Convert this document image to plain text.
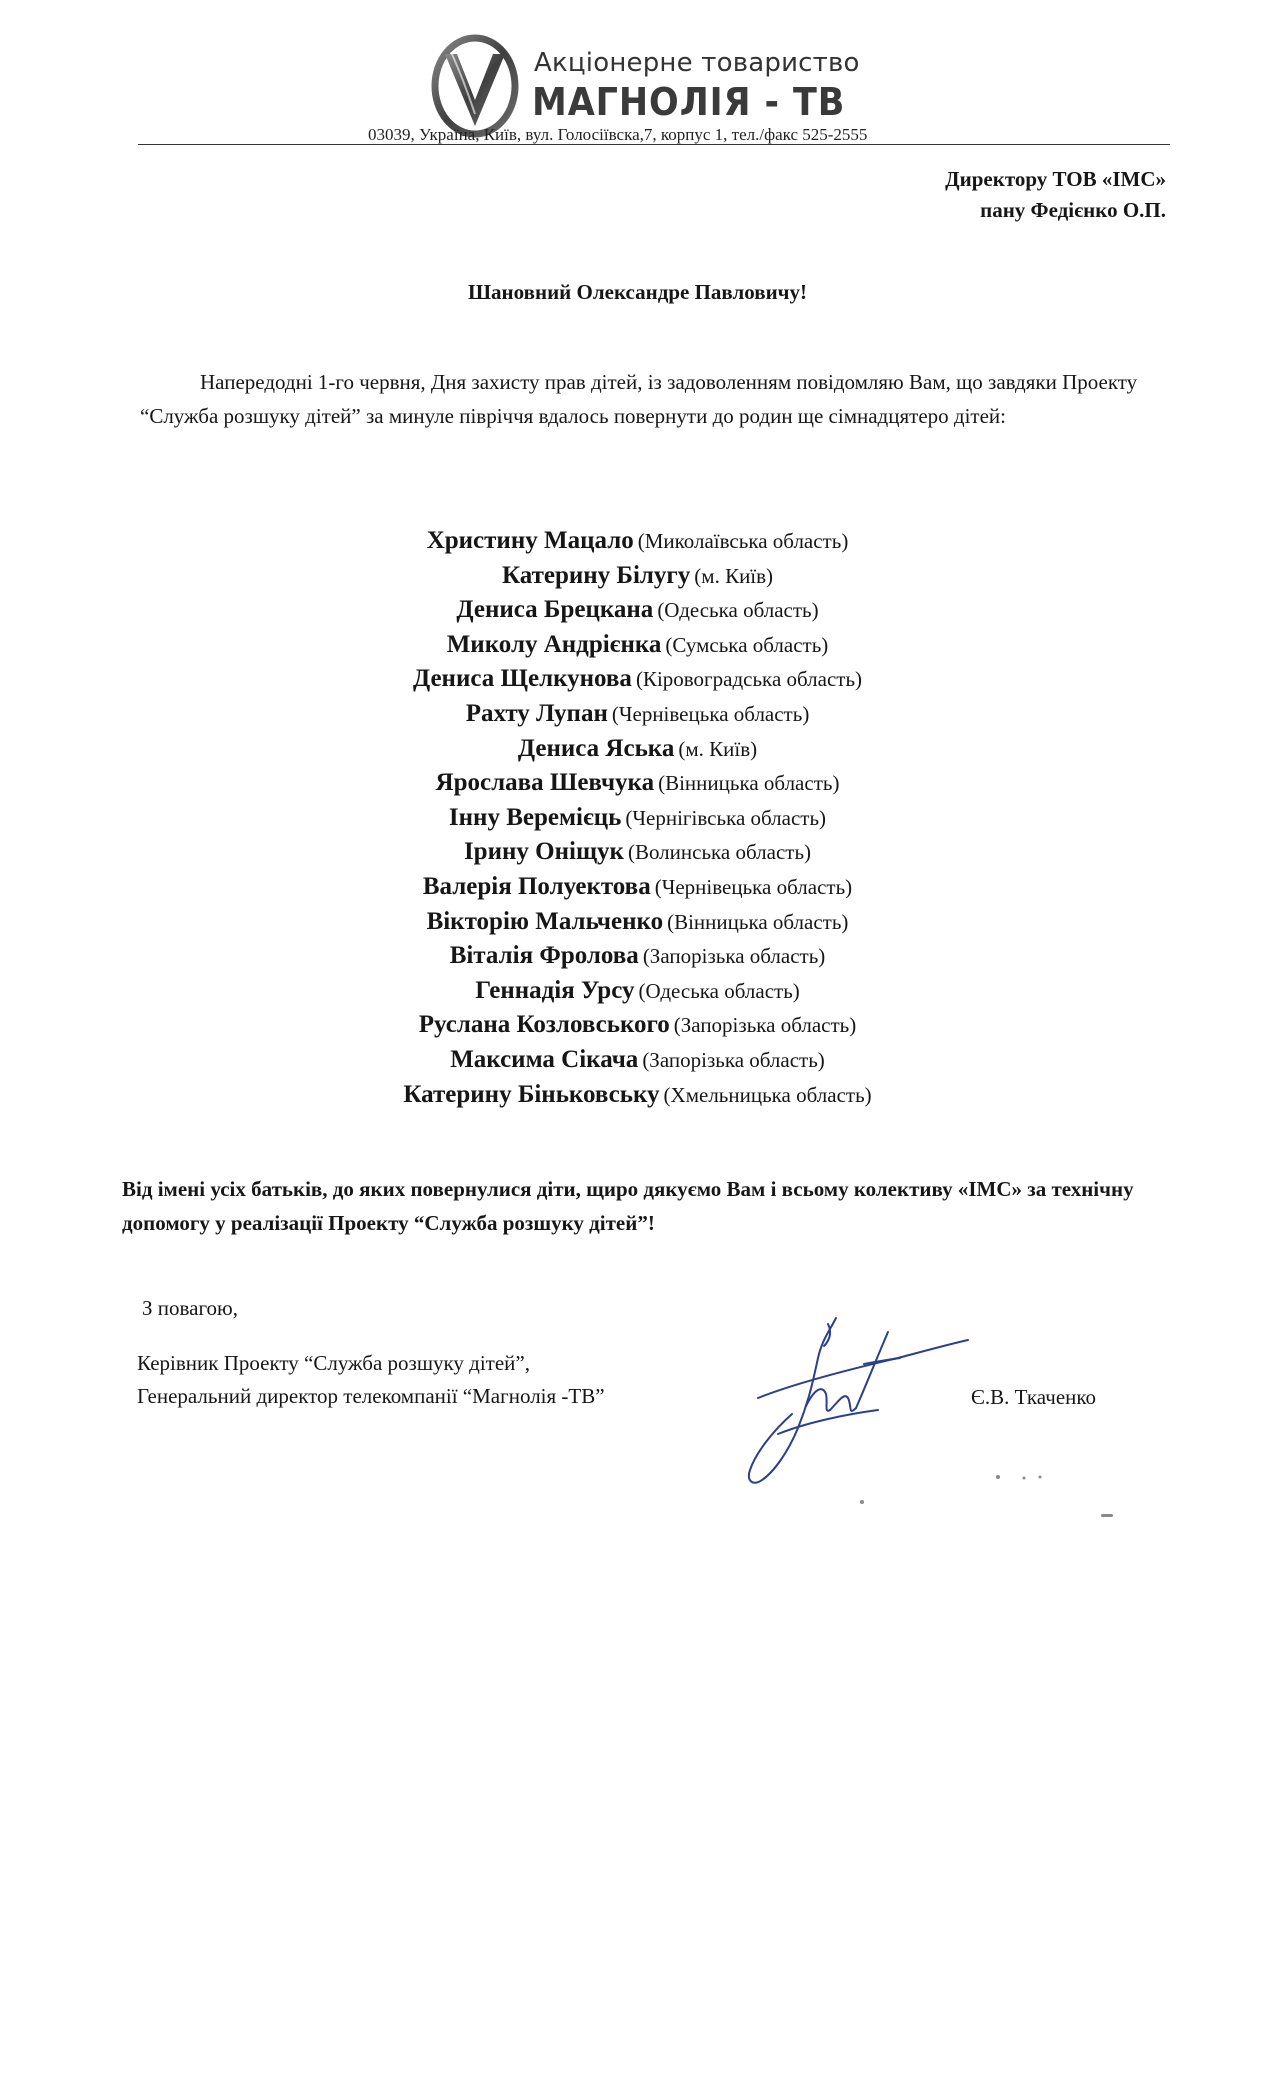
Акціонерне товариство
МАГНОЛІЯ - ТВ
03039, Україна, Київ, вул. Голосіївска,7, корпус 1, тел./факс 525-2555
Директору ТОВ «ІМС»
пану Федієнко О.П.
Шановний Олександре Павловичу!

Напередодні 1-го червня, Дня захисту прав дітей, із задоволенням повідомляю Вам, що завдяки Проекту “Служба розшуку дітей” за минуле півріччя вдалось повернути до родин ще сімнадцятеро дітей:

Христину Мацало (Миколаївська область)
Катерину Білугу (м. Київ)
Дениса Брецкана (Одеська область)
Миколу Андрієнка (Сумська область)
Дениса Щелкунова (Кіровоградська область)
Рахту Лупан (Чернівецька область)
Дениса Яська (м. Київ)
Ярослава Шевчука (Вінницька область)
Інну Веремієць (Чернігівська область)
Ірину Оніщук (Волинська область)
Валерія Полуектова (Чернівецька область)
Вікторію Мальченко (Вінницька область)
Віталія Фролова (Запорізька область)
Геннадія Урсу (Одеська область)
Руслана Козловського (Запорізька область)
Максима Сікача (Запорізька область)
Катерину Біньковську (Хмельницька область)

Від імені усіх батьків, до яких повернулися діти, щиро дякуємо Вам і всьому колективу «ІМС» за технічну допомогу у реалізації Проекту “Служба розшуку дітей”!

З повагою,
Керівник Проекту “Служба розшуку дітей”,
Генеральний директор телекомпанії “Магнолія -ТВ”	Є.В. Ткаченко
